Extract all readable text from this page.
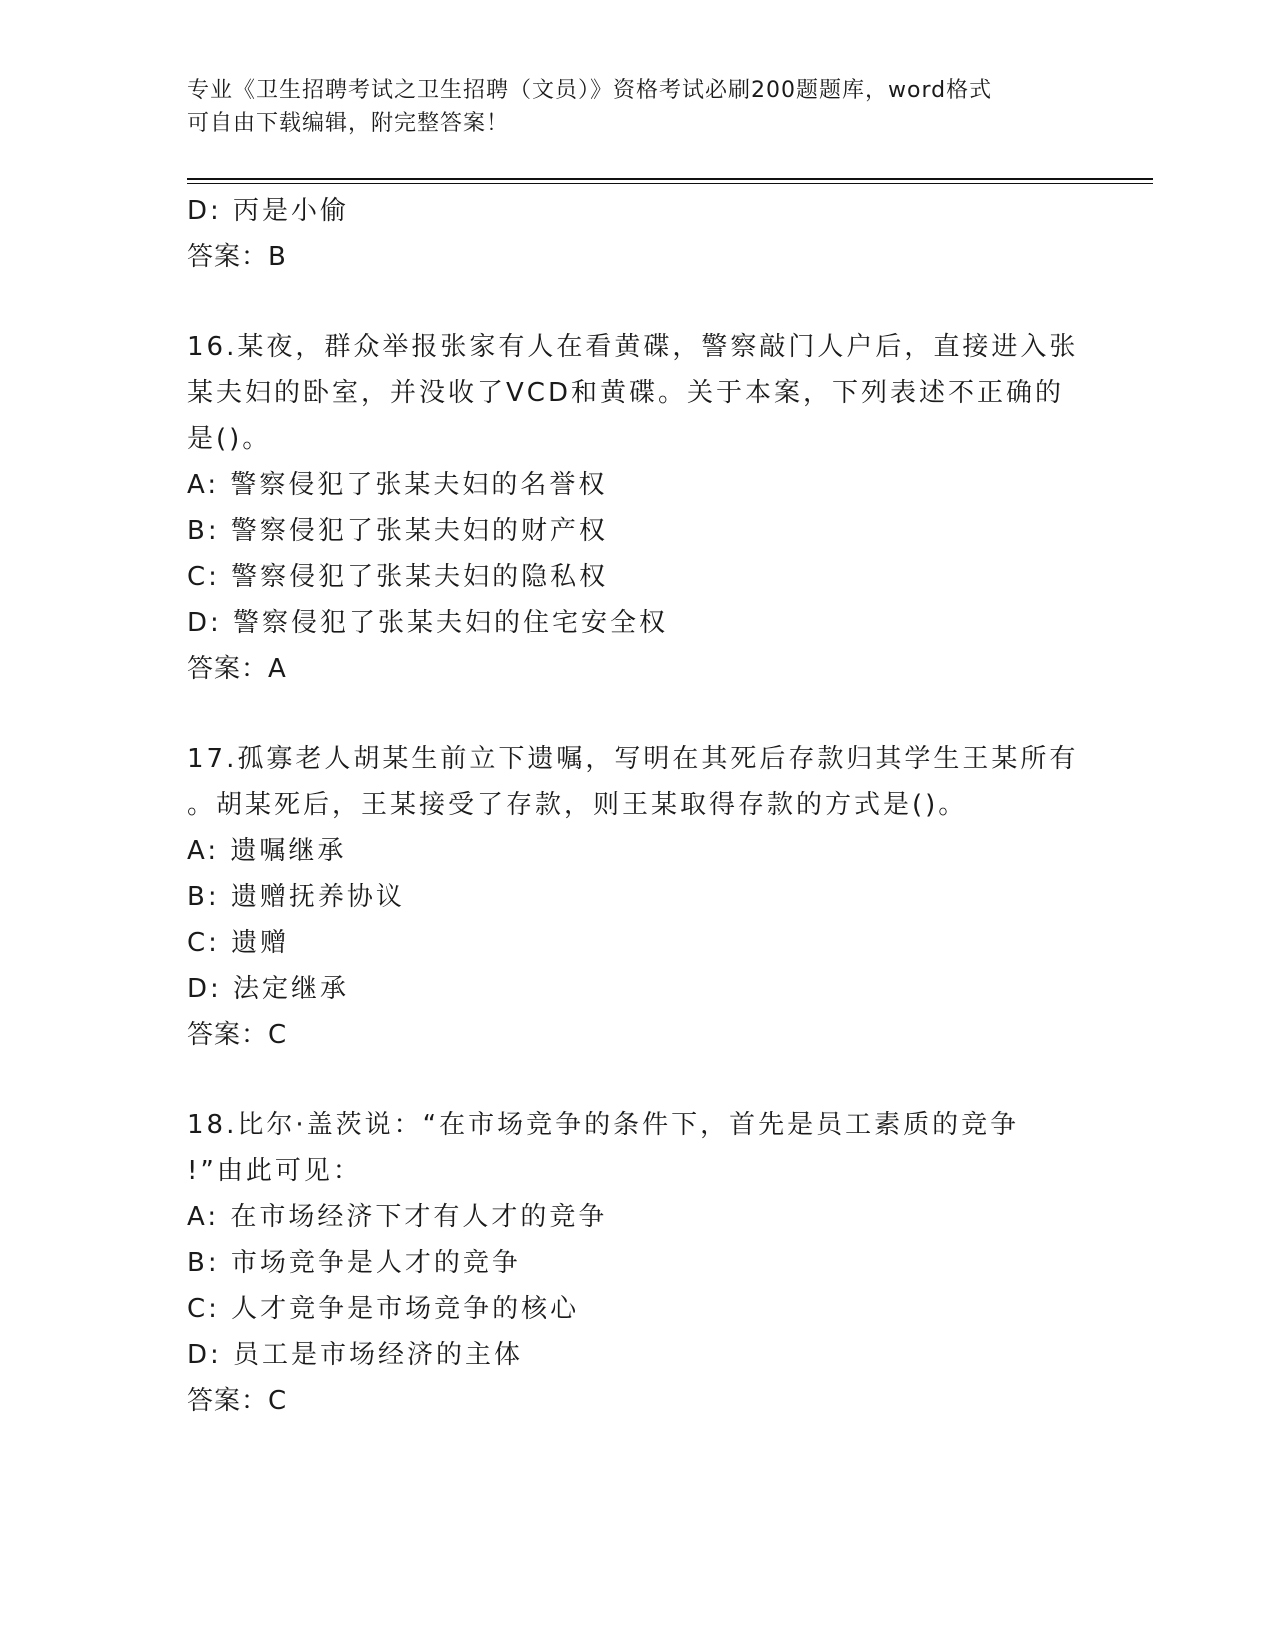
专业《卫生招聘考试之卫生招聘（文员）》资格考试必刷200题题库，word格式
可自由下载编辑，附完整答案！
D: 丙是小偷
答案：B
16.某夜，群众举报张家有人在看黄碟，警察敲门人户后，直接进入张
某夫妇的卧室，并没收了VCD和黄碟。关于本案，下列表述不正确的
是()。
A: 警察侵犯了张某夫妇的名誉权
B: 警察侵犯了张某夫妇的财产权
C: 警察侵犯了张某夫妇的隐私权
D: 警察侵犯了张某夫妇的住宅安全权
答案：A
17.孤寡老人胡某生前立下遗嘱，写明在其死后存款归其学生王某所有
。胡某死后，王某接受了存款，则王某取得存款的方式是()。
A: 遗嘱继承
B: 遗赠抚养协议
C: 遗赠
D: 法定继承
答案：C
18.比尔·盖茨说：“在市场竞争的条件下，首先是员工素质的竞争
!”由此可见：
A: 在市场经济下才有人才的竞争
B: 市场竞争是人才的竞争
C: 人才竞争是市场竞争的核心
D: 员工是市场经济的主体
答案：C
